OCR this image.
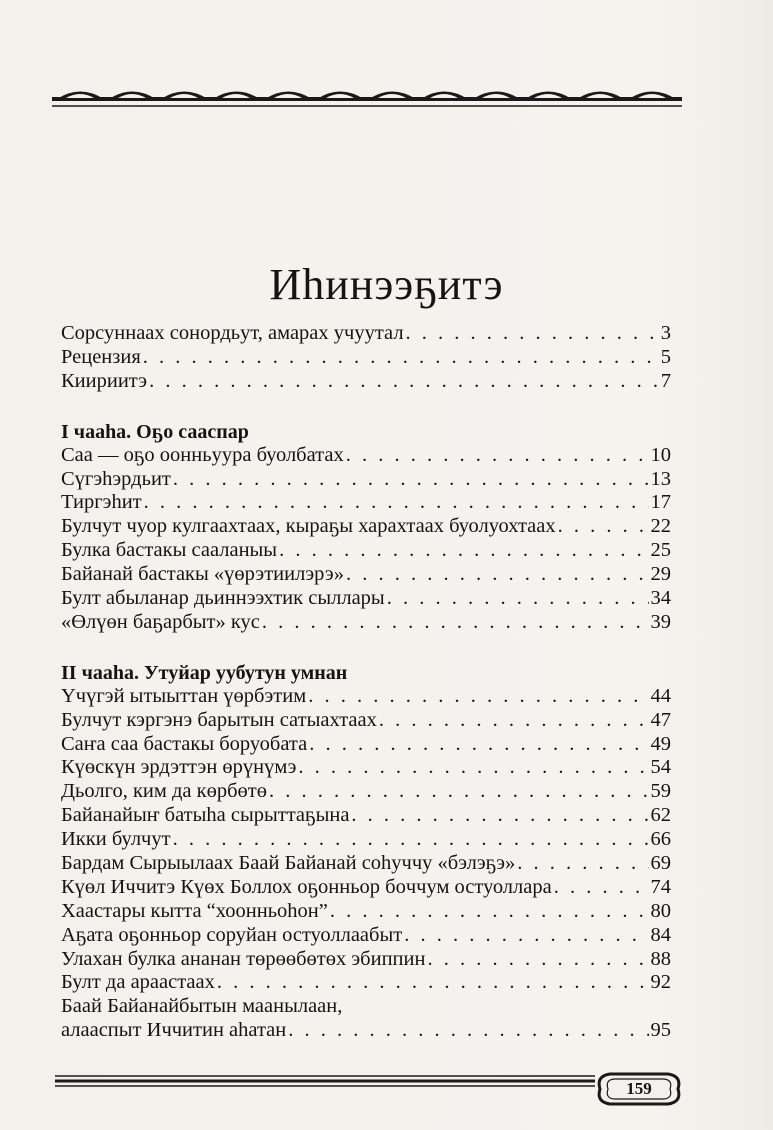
Иhинээҕитэ
Сорсуннаах сонордьут, амарах учуутал . . .	3
Рецензия . . .	5
Киириитэ . . .	7
I чааhа. Оҕо сааспар
Саа — оҕо оонньуура буолбатах . . .	10
Сүгэhэрдьит . . .	13
Тиргэhит . . .	17
Булчут чуор кулгаахтаах, кыраҕы харахтаах буолуохтаах . . .	22
Булка бастакы сааланыы . . .	25
Байанай бастакы «үөрэтиилэрэ» . . .	29
Булт абыланар дьиннээхтик сыллары . . .	34
«Өлүөн баҕарбыт» кус . . .	39
II чааhа. Утуйар уубутун умнан
Үчүгэй ытыыттан үөрбэтим . . .	44
Булчут кэргэнэ барытын сатыахтаах . . .	47
Саҥа саа бастакы боруобата . . .	49
Күөскүн эрдэттэн өрүнүмэ . . .	54
Дьолго, ким да көрбөтө . . .	59
Байанайыҥ батыhа сырыттаҕына . . .	62
Икки булчут . . .	66
Бардам Сырыылаах Баай Байанай соhуччу «бэлэҕэ» . . .	69
Күөл Иччитэ Күөх Боллох оҕонньор бoччум остуоллара . . .	74
Хаастары кытта “хоонньоhон” . . .	80
Аҕата оҕонньор соруйан остуоллаабыт . . .	84
Улахан булка ананан төрөөбөтөх эбиппин . . .	88
Булт да араастаах . . .	92
Баай Байанайбытын маанылаан,
алааспыт Иччитин аhатан . . .	95
159
